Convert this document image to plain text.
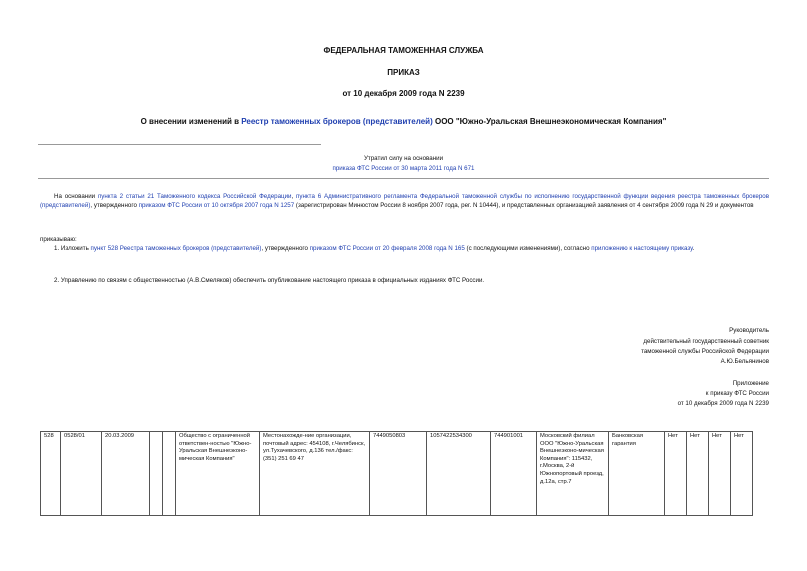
ФЕДЕРАЛЬНАЯ ТАМОЖЕННАЯ СЛУЖБА
ПРИКАЗ
от 10 декабря 2009 года N 2239
О внесении изменений в Реестр таможенных брокеров (представителей) ООО "Южно-Уральская Внешнеэкономическая Компания"
Утратил силу на основании
приказа ФТС России от 30 марта 2011 года N 671
На основании пункта 2 статьи 21 Таможенного кодекса Российской Федерации, пункта 6 Административного регламента Федеральной таможенной службы по исполнению государственной функции ведения реестра таможенных брокеров (представителей), утвержденного приказом ФТС России от 10 октября 2007 года N 1257 (зарегистрирован Минюстом России 8 ноября 2007 года, рег. N 10444), и представленных организацией заявления от 4 сентября 2009 года N 29 и документов
приказываю:
1. Изложить пункт 528 Реестра таможенных брокеров (представителей), утвержденного приказом ФТС России от 20 февраля 2008 года N 165 (с последующими изменениями), согласно приложению к настоящему приказу.
2. Управлению по связям с общественностью (А.В.Смеляков) обеспечить опубликование настоящего приказа в официальных изданиях ФТС России.
Руководитель
действительный государственный советник
таможенной службы Российской Федерации
А.Ю.Бельянинов
Приложение
к приказу ФТС России
от 10 декабря 2009 года N 2239
528	0528/01	20.03.2009			Общество с ограниченной ответствен-ностью "Южно-Уральская Внешнеэконо-мическая Компания"	Местонахожде-ние организации, почтовый адрес: 454108, г.Челябинск, ул.Тухачевского, д.136 тел./факс: (351) 251 69 47	7449050803	1057422534300	744901001	Московский филиал ООО "Южно-Уральская Внешнеэконо-мическая Компания": 115432, г.Москва, 2-й Южнопортовый проезд, д.12а, стр.7	Банковская гарантия	Нет	Нет	Нет	Нет
